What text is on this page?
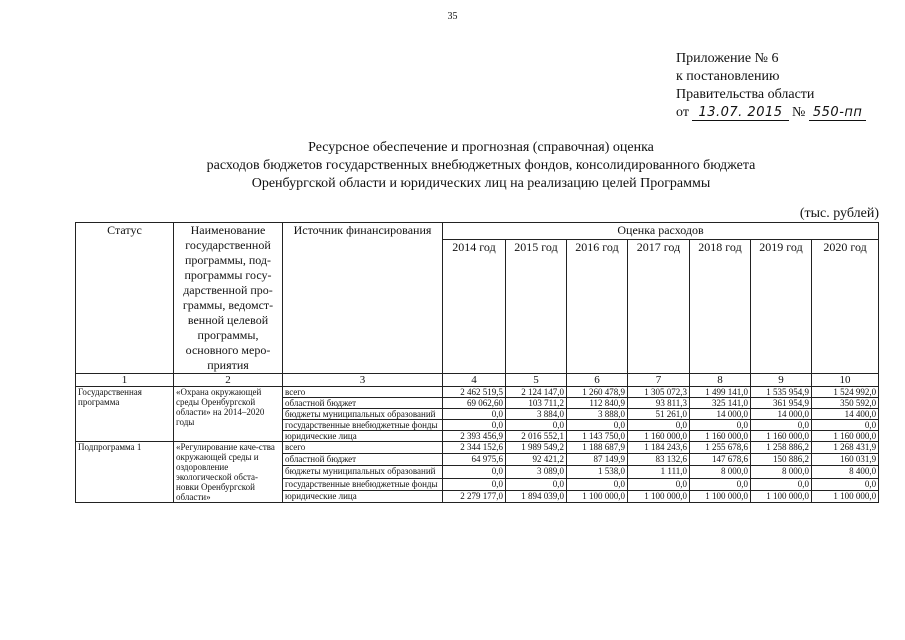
35
Приложение № 6
к постановлению
Правительства области
от 13.07. 2015 № 550-пп
Ресурсное обеспечение и прогнозная (справочная) оценка
расходов бюджетов государственных внебюджетных фондов, консолидированного бюджета
Оренбургской области и юридических лиц на реализацию целей Программы
(тыс. рублей)
Статус	Наименование государственной программы, под-программы госу-дарственной про-граммы, ведомст-венной целевой программы, основного меро-приятия	Источник финансирования	Оценка расходов						
			2014 год	2015 год	2016 год	2017 год	2018 год	2019 год	2020 год
1	2	3	4	5	6	7	8	9	10
Государственная программа	«Охрана окружающей среды Оренбургской области» на 2014–2020 годы	всего	2 462 519,5	2 124 147,0	1 260 478,9	1 305 072,3	1 499 141,0	1 535 954,9	1 524 992,0
		областной бюджет	69 062,60	103 711,2	112 840,9	93 811,3	325 141,0	361 954,9	350 592,0
		бюджеты муниципальных образований	0,0	3 884,0	3 888,0	51 261,0	14 000,0	14 000,0	14 400,0
		государственные внебюджетные фонды	0,0	0,0	0,0	0,0	0,0	0,0	0,0
		юридические лица	2 393 456,9	2 016 552,1	1 143 750,0	1 160 000,0	1 160 000,0	1 160 000,0	1 160 000,0
Подпрограмма 1	«Регулирование каче-ства окружающей среды и оздоровление экологической обста-новки Оренбургской области»	всего	2 344 152,6	1 989 549,2	1 188 687,9	1 184 243,6	1 255 678,6	1 258 886,2	1 268 431,9
		областной бюджет	64 975,6	92 421,2	87 149,9	83 132,6	147 678,6	150 886,2	160 031,9
		бюджеты муниципальных образований	0,0	3 089,0	1 538,0	1 111,0	8 000,0	8 000,0	8 400,0
		государственные внебюджетные фонды	0,0	0,0	0,0	0,0	0,0	0,0	0,0
		юридические лица	2 279 177,0	1 894 039,0	1 100 000,0	1 100 000,0	1 100 000,0	1 100 000,0	1 100 000,0
